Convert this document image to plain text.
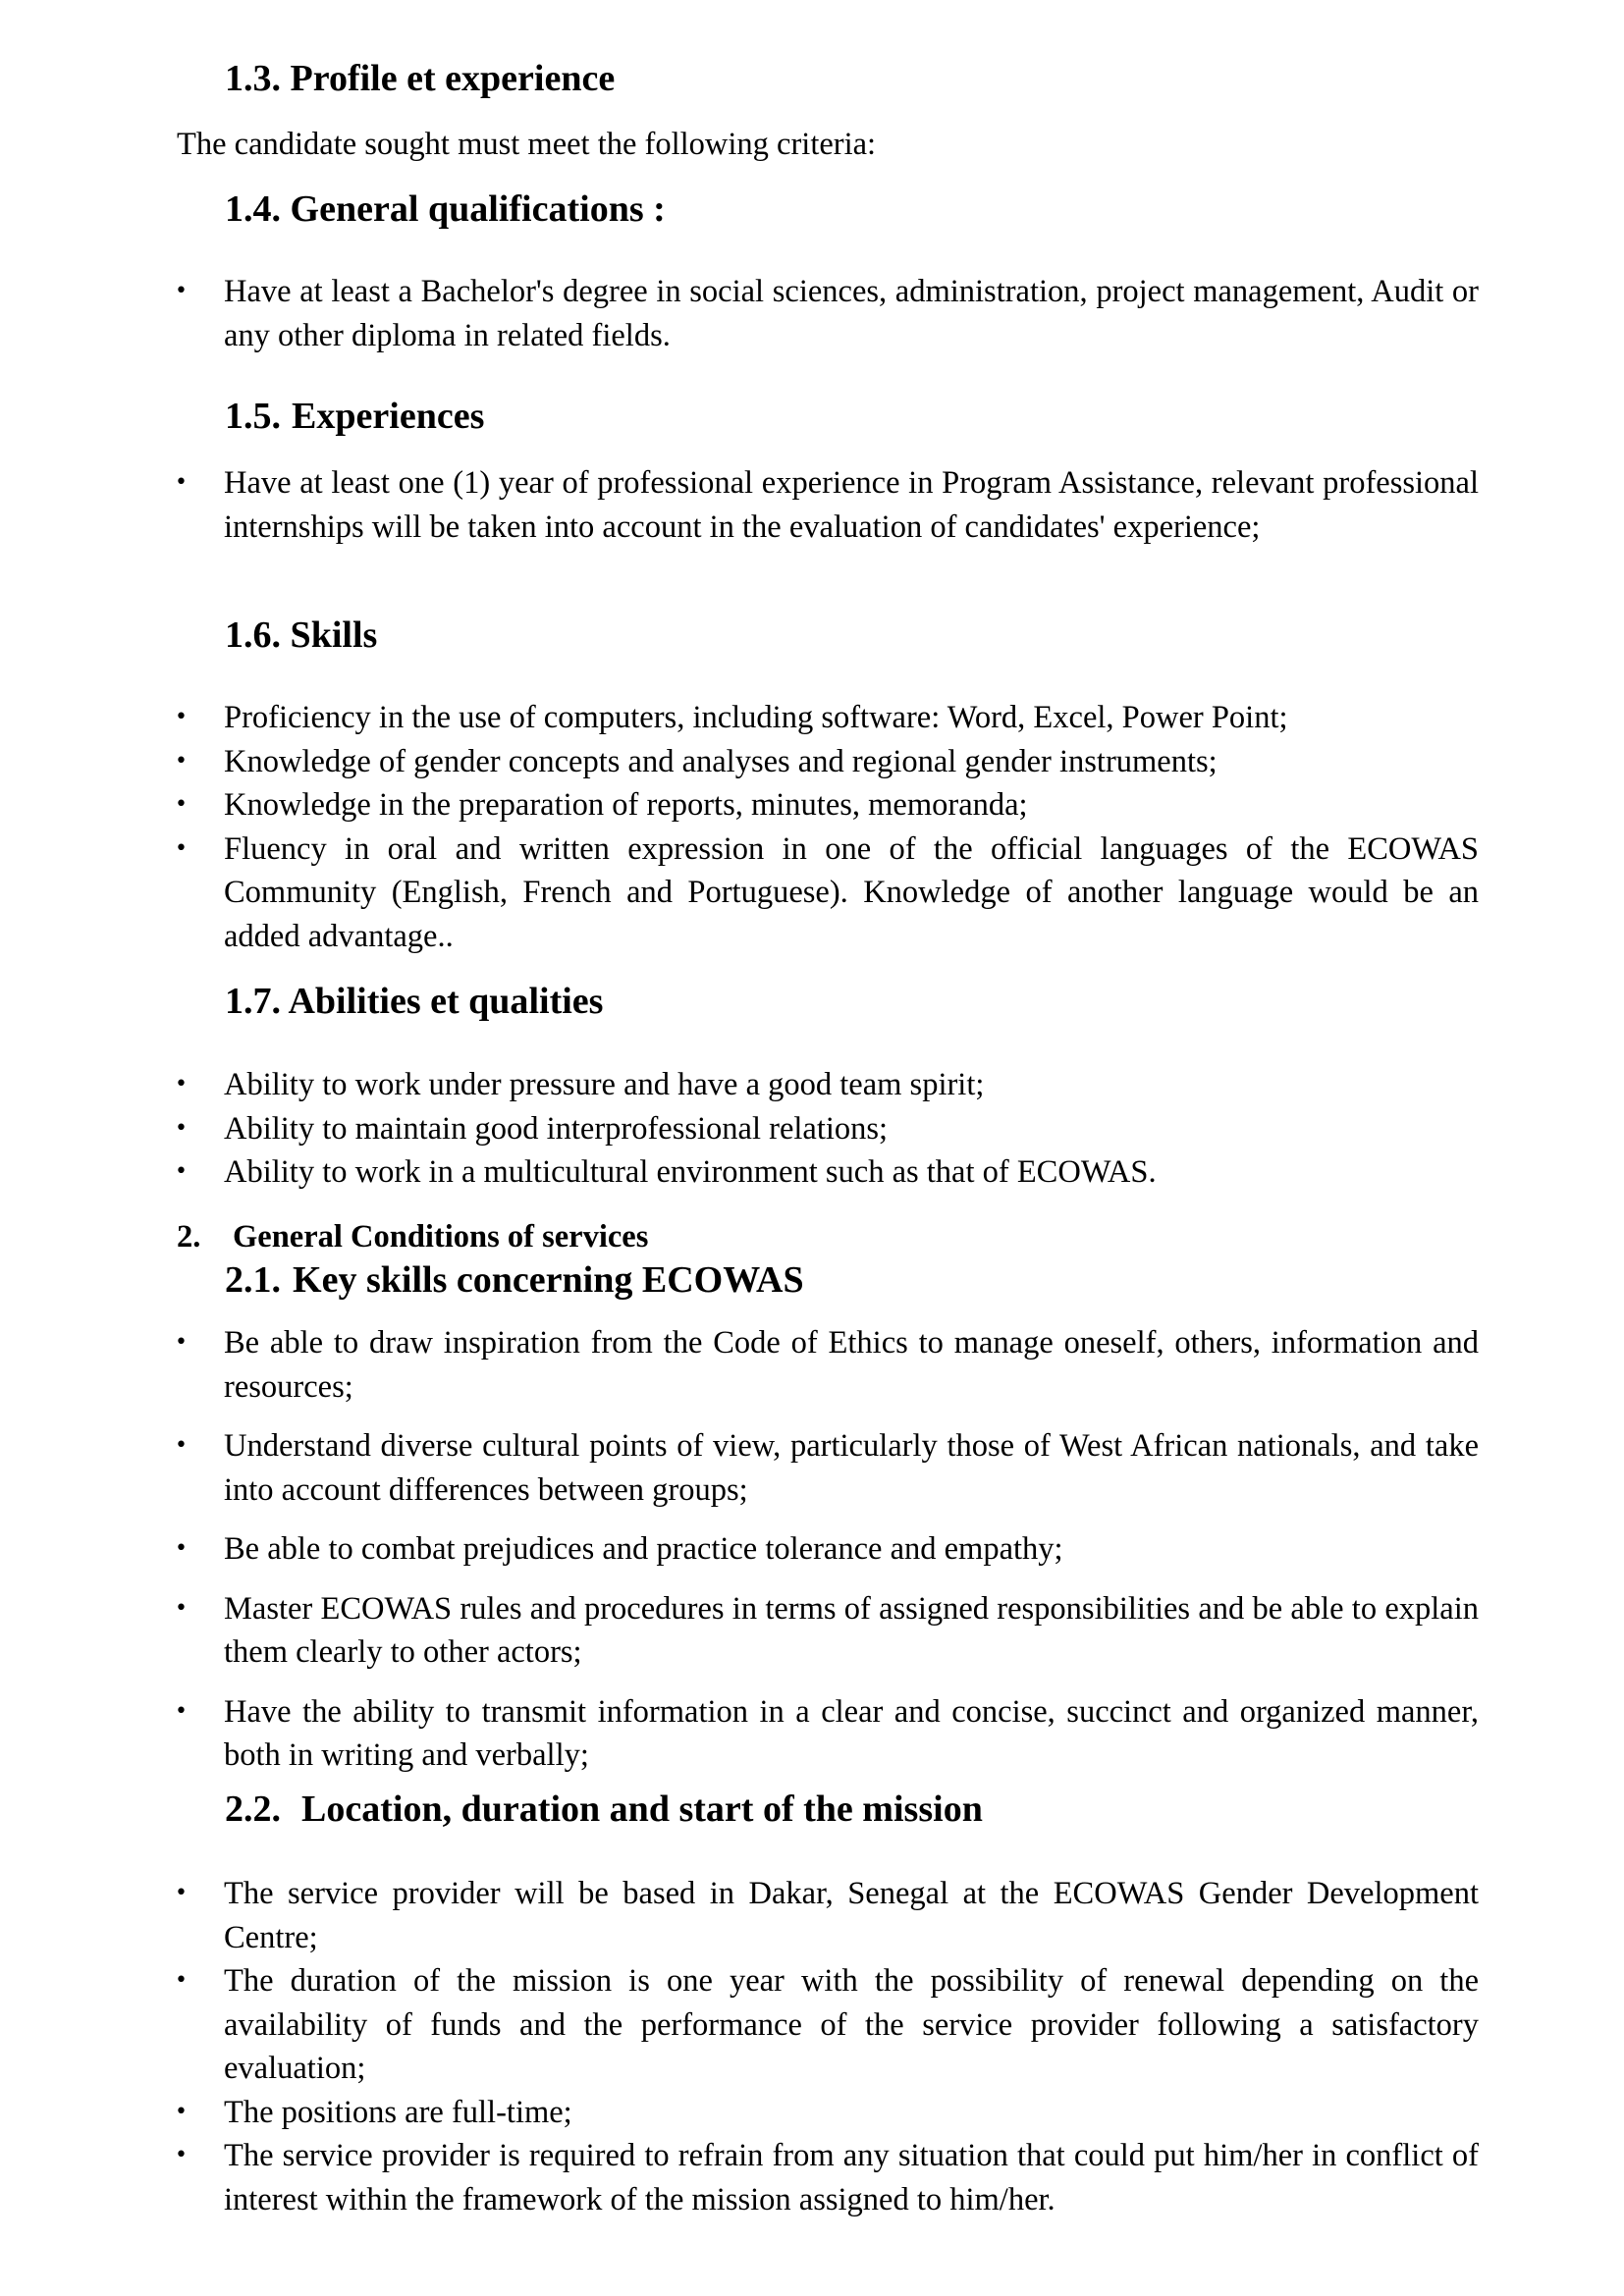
1.3. Profile et experience

The candidate sought must meet the following criteria:

1.4. General qualifications :
• Have at least a Bachelor's degree in social sciences, administration, project management, Audit or any other diploma in related fields.
1.5. Experiences
• Have at least one (1) year of professional experience in Program Assistance, relevant professional internships will be taken into account in the evaluation of candidates' experience;
1.6. Skills
• Proficiency in the use of computers, including software: Word, Excel, Power Point;
• Knowledge of gender concepts and analyses and regional gender instruments;
• Knowledge in the preparation of reports, minutes, memoranda;
• Fluency in oral and written expression in one of the official languages of the ECOWAS Community (English, French and Portuguese). Knowledge of another language would be an added advantage..
1.7. Abilities et qualities
• Ability to work under pressure and have a good team spirit;
• Ability to maintain good interprofessional relations;
• Ability to work in a multicultural environment such as that of ECOWAS.
2. General Conditions of services
2.1. Key skills concerning ECOWAS
• Be able to draw inspiration from the Code of Ethics to manage oneself, others, information and resources;
• Understand diverse cultural points of view, particularly those of West African nationals, and take into account differences between groups;
• Be able to combat prejudices and practice tolerance and empathy;
• Master ECOWAS rules and procedures in terms of assigned responsibilities and be able to explain them clearly to other actors;
• Have the ability to transmit information in a clear and concise, succinct and organized manner, both in writing and verbally;
2.2. Location, duration and start of the mission
• The service provider will be based in Dakar, Senegal at the ECOWAS Gender Development Centre;
• The duration of the mission is one year with the possibility of renewal depending on the availability of funds and the performance of the service provider following a satisfactory evaluation;
• The positions are full-time;
• The service provider is required to refrain from any situation that could put him/her in conflict of interest within the framework of the mission assigned to him/her.
